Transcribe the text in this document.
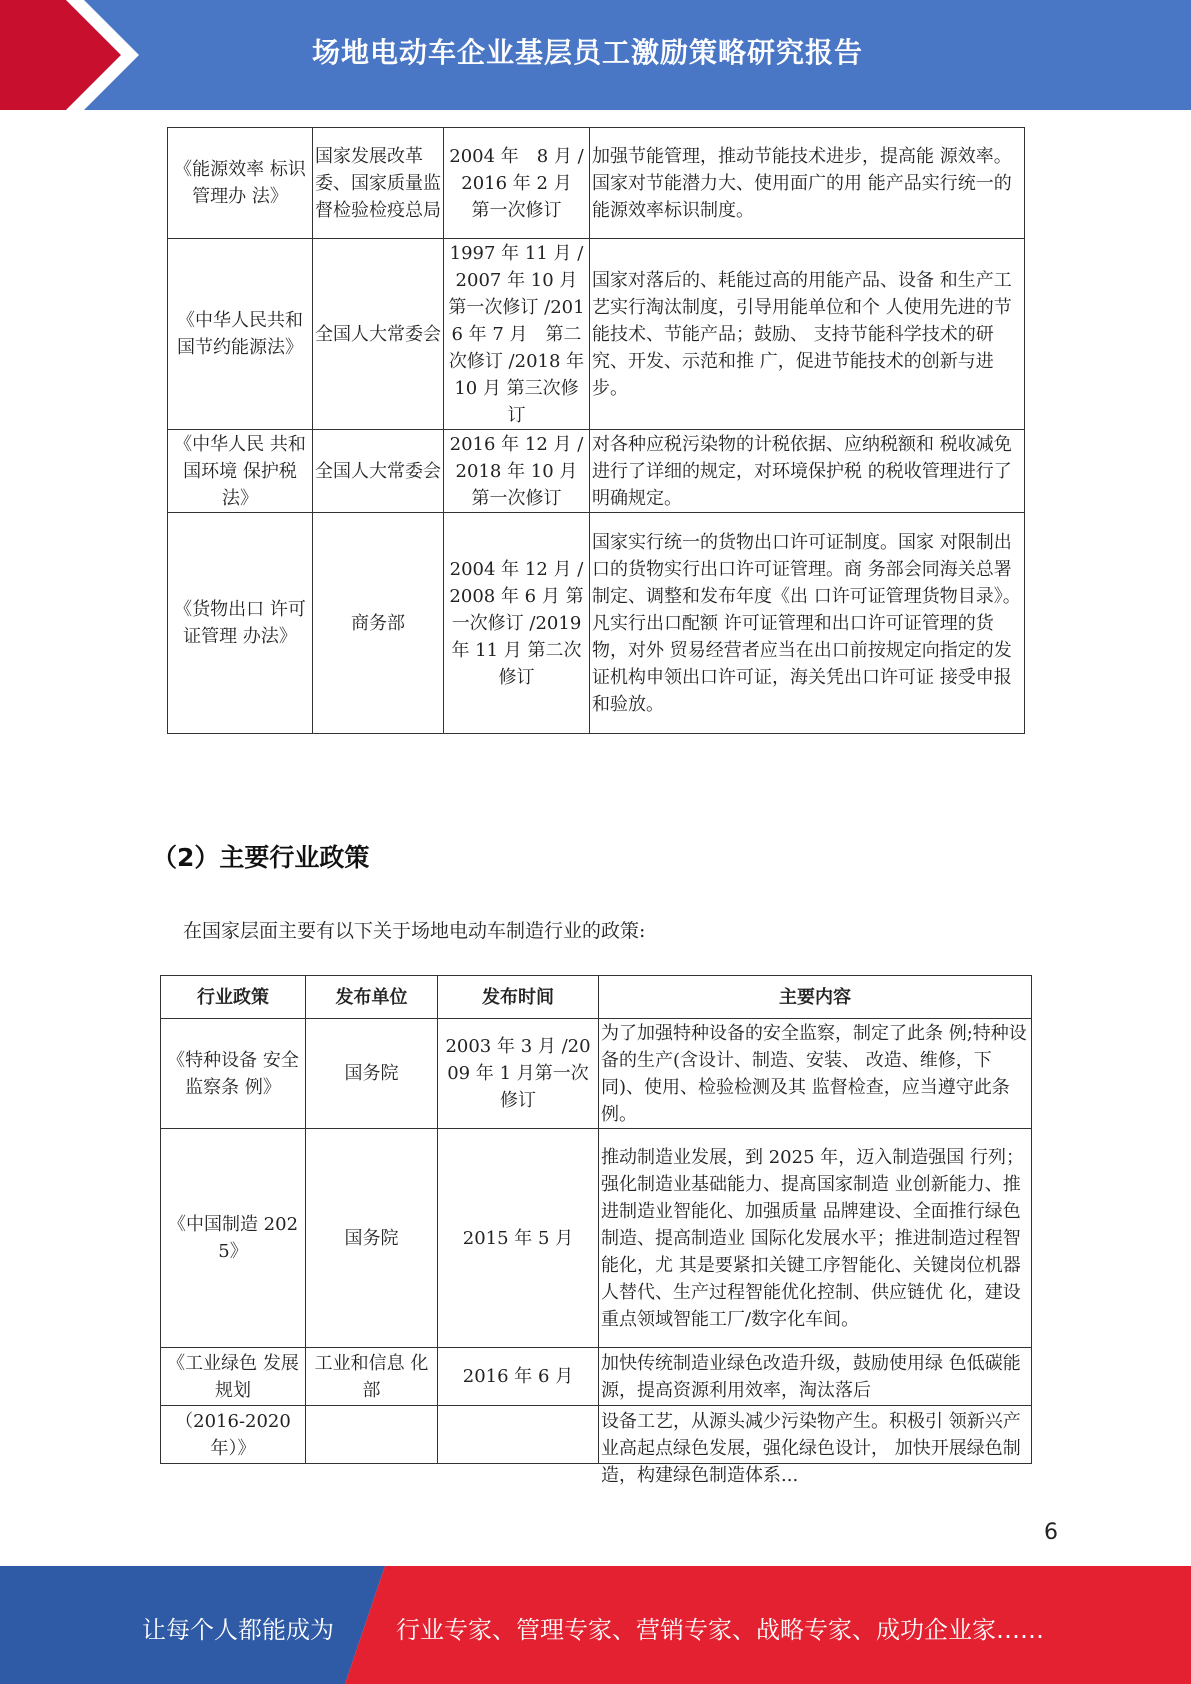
场地电动车企业基层员工激励策略研究报告
《能源效率 标识管理办 法》	国家发展改革委、国家质量监督检验检疫总局	2004 年　8 月 /2016 年 2 月　第一次修订	加强节能管理，推动节能技术进步，提高能 源效率。国家对节能潜力大、使用面广的用 能产品实行统一的能源效率标识制度。
《中华人民共和国节约能源法》	全国人大常委会	1997 年 11 月 /2007 年 10 月 第一次修订 /2016 年 7 月　第二次修订 /2018 年 10 月 第三次修订	国家对落后的、耗能过高的用能产品、设备 和生产工艺实行淘汰制度，引导用能单位和个 人使用先进的节能技术、节能产品；鼓励、 支持节能科学技术的研究、开发、示范和推 广，促进节能技术的创新与进步。
《中华人民 共和国环境 保护税法》	全国人大常委会	2016 年 12 月 /2018 年 10 月 第一次修订	对各种应税污染物的计税依据、应纳税额和 税收减免进行了详细的规定，对环境保护税 的税收管理进行了明确规定。
《货物出口 许可证管理 办法》	商务部	2004 年 12 月 /2008 年 6 月 第一次修订 /2019 年 11 月 第二次修订	国家实行统一的货物出口许可证制度。国家 对限制出口的货物实行出口许可证管理。商 务部会同海关总署制定、调整和发布年度《出 口许可证管理货物目录》。凡实行出口配额 许可证管理和出口许可证管理的货物，对外 贸易经营者应当在出口前按规定向指定的发 证机构申领出口许可证，海关凭出口许可证 接受申报和验放。
（2）主要行业政策
在国家层面主要有以下关于场地电动车制造行业的政策:
行业政策	发布单位	发布时间	主要内容
《特种设备 安全监察条 例》	国务院	2003 年 3 月 /2009 年 1 月第一次修订	为了加强特种设备的安全监察，制定了此条 例;特种设备的生产(含设计、制造、安装、 改造、维修，下同)、使用、检验检测及其 监督检查，应当遵守此条例。
《中国制造 2025》	国务院	2015 年 5 月	推动制造业发展，到 2025 年，迈入制造强国 行列；强化制造业基础能力、提髙国家制造 业创新能力、推进制造业智能化、加强质量 品牌建设、全面推行绿色制造、提高制造业 国际化发展水平；推进制造过程智能化，尤 其是要紧扣关键工序智能化、关键岗位机器 人替代、生产过程智能优化控制、供应链优 化，建设重点领域智能工厂/数字化车间。
《工业绿色 发展规划	工业和信息 化部	2016 年 6 月	加快传统制造业绿色改造升级，鼓励使用绿 色低碳能源，提高资源利用效率，淘汰落后
（2016-2020 年）》			设备工艺，从源头减少污染物产生。积极引 领新兴产业高起点绿色发展，强化绿色设计， 加快开展绿色制造，构建绿色制造体系...
6
让每个人都能成为	行业专家、管理专家、营销专家、战略专家、成功企业家……
